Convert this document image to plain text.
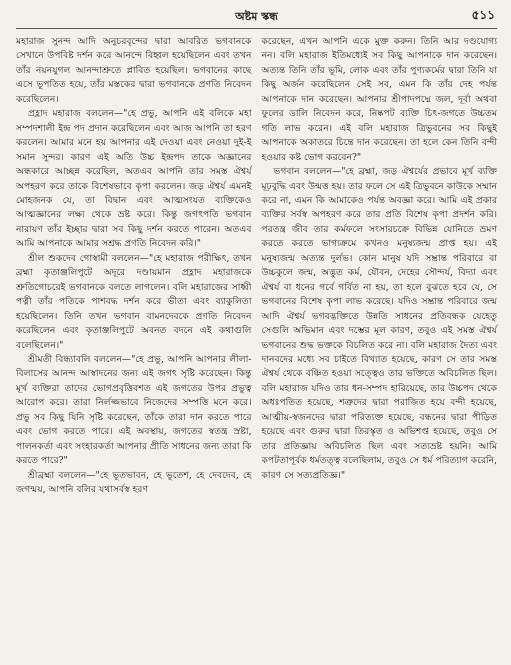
অষ্টম স্কন্ধ	৫১১

মহারাজ সুনন্দ আদি অনুচরবৃন্দের দ্বারা আবরিত ভগবানকে সেখানে উপবিষ্ট দর্শন করে আনন্দে বিহ্বল হয়েছিলেন এবং তখন তাঁর নয়নযুগল আনন্দাশ্রুতে প্লাবিত হয়েছিল। ভগবানের কাছে এসে ভূপতিত হয়ে, তাঁর মস্তকের দ্বারা ভগবানকে প্রণতি নিবেদন করেছিলেন।

প্রহ্লাদ মহারাজ বললেন—"হে প্রভু, আপনি এই বলিকে মহা সম্পদশালী ইন্দ্র পদ প্রদান করেছিলেন এবং আজ আপনি তা হরণ করলেন। আমার মনে হয় আপনার এই দেওয়া এবং নেওয়া দুই-ই সমান সুন্দর। কারণ এই অতি উচ্চ ইন্দ্রপদ তাকে অজ্ঞানের অন্ধকারে আচ্ছন্ন করেছিল, অতএব আপনি তার সমস্ত ঐশ্বর্য অপহরণ করে তাকে বিশেষভাবে কৃপা করলেন। জড় ঐশ্বর্য এমনই মোহজনক যে, তা বিদ্বান এবং আত্মসংযত ব্যক্তিকেও আত্মজ্ঞানের লক্ষ্য থেকে ভ্রষ্ট করে। কিন্তু জগৎপতি ভগবান নারায়ণ তাঁর ইচ্ছার দ্বারা সব কিছু দর্শন করতে পারেন। অতএব আমি আপনাকে আমার সশ্রদ্ধ প্রণতি নিবেদন করি।"

শ্রীল শুকদেব গোস্বামী বললেন—"হে মহারাজ পরীক্ষিৎ, তখন ব্রহ্মা কৃতাঞ্জলিপুটে অদূরে দণ্ডায়মান প্রহ্লাদ মহারাজকে শ্রুতিগোচরেই ভগবানকে বলতে লাগলেন। বলি মহারাজের সাধ্বী পত্নী তাঁর পতিকে পাশবদ্ধ দর্শন করে ভীতা এবং ব্যাকুলিতা হয়েছিলেন। তিনি তখন ভগবান বামনদেবকে প্রণতি নিবেদন করেছিলেন এবং কৃতাঞ্জলিপুটে অবনত বদনে এই কথাগুলি বলেছিলেন।"

শ্রীমতী বিন্ধ্যাবলি বললেন—"হে প্রভু, আপনি আপনার লীলা-বিলাসের আনন্দ আস্বাদনের জন্য এই জগৎ সৃষ্টি করেছেন। কিন্তু মূর্খ ব্যক্তিরা তাদের ভোগপ্রবৃত্তিবশত এই জগতের উপর প্রভুত্ব আরোপ করে। তারা নির্লজ্জভাবে নিজেদের সম্পত্তি মনে করে। প্রভু সব কিছু যিনি সৃষ্টি করেছেন, তাঁকে তারা দান করতে পারে এবং ভোগ করতে পারে। এই অবস্থায়, জগতের স্বতন্ত্র স্রষ্টা, পালনকর্তা এবং সংহারকর্তা আপনার প্রীতি সাধনের জন্য তারা কি করতে পারে?"

শ্রীব্রহ্মা বললেন—"হে ভূতভাবন, হে ভূতেশ, হে দেবদেব, হে জগন্ময়, আপনি বলির যথাসর্বস্ব হরণ

করেছেন, এখন আপনি একে মুক্ত করুন। তিনি আর দণ্ডযোগ্য নন। বলি মহারাজ ইতিমধ্যেই সব কিছু আপনাকে দান করেছেন। অত্যন্ত তিনি তাঁর ভূমি, লোক এবং তাঁর পুণ্যকর্মের দ্বারা তিনি যা কিছু অর্জন করেছিলেন সেই সব, এমন কি তাঁর দেহ পর্যন্ত আপনাকে দান করেছেন। আপনার শ্রীপাদপদ্মে জল, দূর্বা অথবা ফুলের ডালি নিবেদন করে, নিষ্কপট ব্যক্তি চিৎ-জগতে উচ্চতম গতি লাভ করেন। এই বলি মহারাজ ত্রিভুবনের সব কিছুই আপনাকে অকাতরে চিন্তে দান করেছেন। তা হলে কেন তিনি বন্দী হওয়ার কষ্ট ভোগ করবেন?"

ভগবান বললেন—"হে ব্রহ্মা, জড় ঐশ্বর্যের প্রভাবে মূর্খ ব্যক্তি মূঢ়বুদ্ধি এবং উন্মত্ত হয়। তার ফলে সে এই ত্রিভুবনে কাউকে সম্মান করে না, এমন কি আমাকেও পর্যন্ত অবজ্ঞা করে। আমি এই প্রকার ব্যক্তির সর্বস্ব অপহরণ করে তার প্রতি বিশেষ কৃপা প্রদর্শন করি। পরতন্ত্র জীব তার কর্মফলে সংসারচক্রে বিভিন্ন যোনিতে ভ্রমণ করতে করতে ভাগ্যক্রমে কখনও মনুষ্যজন্ম প্রাপ্ত হয়। এই মনুষ্যজন্ম অত্যন্ত দুর্লভ। কোন মানুষ যদি সম্ভ্রান্ত পরিবারে বা উচ্চকুলে জন্ম, অদ্ভুত কর্ম, যৌবন, দেহের সৌন্দর্য, বিদ্যা এবং ঐশ্বর্য বা ধনের গর্বে গর্বিত না হয়, তা হলে বুঝতে হবে যে, সে ভগবানের বিশেষ কৃপা লাভ করেছে। যদিও সম্ভ্রান্ত পরিবারে জন্ম আদি ঐশ্বর্য ভগবদ্ভক্তিতে উন্নতি সাধনের প্রতিবন্ধক যেহেতু সেগুলি অভিমান এবং দম্ভের মূল কারণ, তবুও এই সমস্ত ঐশ্বর্য ভগবানের শুদ্ধ ভক্তকে বিচলিত করে না। বলি মহারাজ দৈত্য এবং দানবদের মধ্যে সব চাইতে বিখ্যাত হয়েছে, কারণ সে তার সমস্ত ঐশ্বর্য থেকে বঞ্চিত হওয়া সত্ত্বেও তার ভক্তিতে অবিচলিত ছিল। বলি মহারাজ যদিও তার ধন-সম্পদ হারিয়েছে, তার উচ্চপদ থেকে অধঃপতিত হয়েছে, শত্রুদের দ্বারা পরাজিত হয়ে বন্দী হয়েছে, আত্মীয়-স্বজনদের দ্বারা পরিত্যক্ত হয়েছে, বন্ধনের দ্বারা পীড়িত হয়েছে এবং গুরুর দ্বারা তিরস্কৃত ও অভিশপ্ত হয়েছে, তবুও সে তার প্রতিজ্ঞায় অবিচলিত ছিল এবং সত্যভ্রষ্ট হয়নি। আমি কপটতাপূর্বক ধর্মতত্ত্ব বলেছিলাম, তবুও সে ধর্ম পরিত্যাগ করেনি, কারণ সে সত্যপ্রতিজ্ঞ।"
